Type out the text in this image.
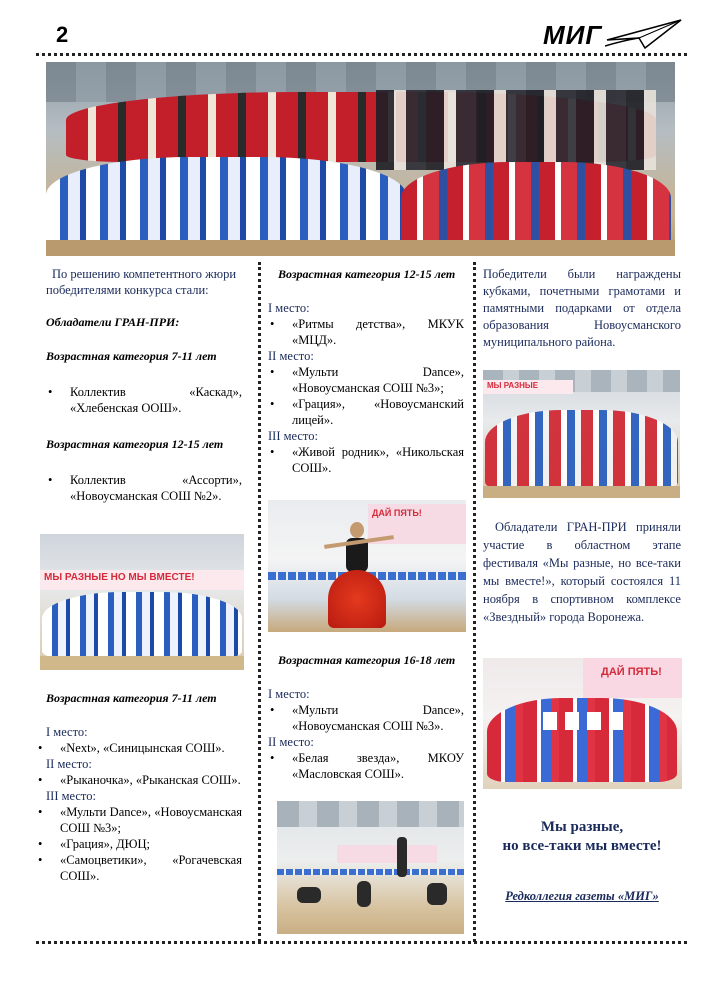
2	МИГ

По решению компетентного жюри победителями конкурса стали:

Обладатели ГРАН-ПРИ:

Возрастная категория 7-11 лет

•	Коллектив «Каскад», «Хлебенская ООШ».

Возрастная категория 12-15 лет

•	Коллектив «Ассорти», «Новоусманская СОШ №2».
МЫ РАЗНЫЕ НО МЫ ВМЕСТЕ!

Возрастная категория 7-11 лет

I место:

•	«Next», «Синицынская СОШ».

II место:

•	«Рыканочка», «Рыканская СОШ».

III место:

•	«Мульти Dance», «Новоусманская СОШ №3»;
•	«Грация», ДЮЦ;
•	«Самоцветики», «Рогачевская СОШ».

Возрастная категория 12-15 лет

I место:

•	«Ритмы детства», МКУК «МЦД».

II место:

•	«Мульти Dance», «Новоусманская СОШ №3»;
•	«Грация», «Новоусманский лицей».

III место:

•	«Живой родник», «Никольская СОШ».
ДАЙ ПЯТЬ!

Возрастная категория 16-18 лет

I место:

•	«Мульти Dance», «Новоусманская СОШ №3».

II место:

•	«Белая звезда», МКОУ «Масловская СОШ».

Победители были награждены кубками, почетными грамотами и памятными подарками от отдела образования Новоусманского муниципального района.

МЫ РАЗНЫЕ

Обладатели ГРАН-ПРИ приняли участие в областном этапе фестиваля «Мы разные, но все-таки мы вместе!», который состоялся 11 ноября в спортивном комплексе «Звездный» города Воронежа.

ДАЙ ПЯТЬ!

Мы разные,

но все-таки мы вместе!

Редколлегия газеты «МИГ»
